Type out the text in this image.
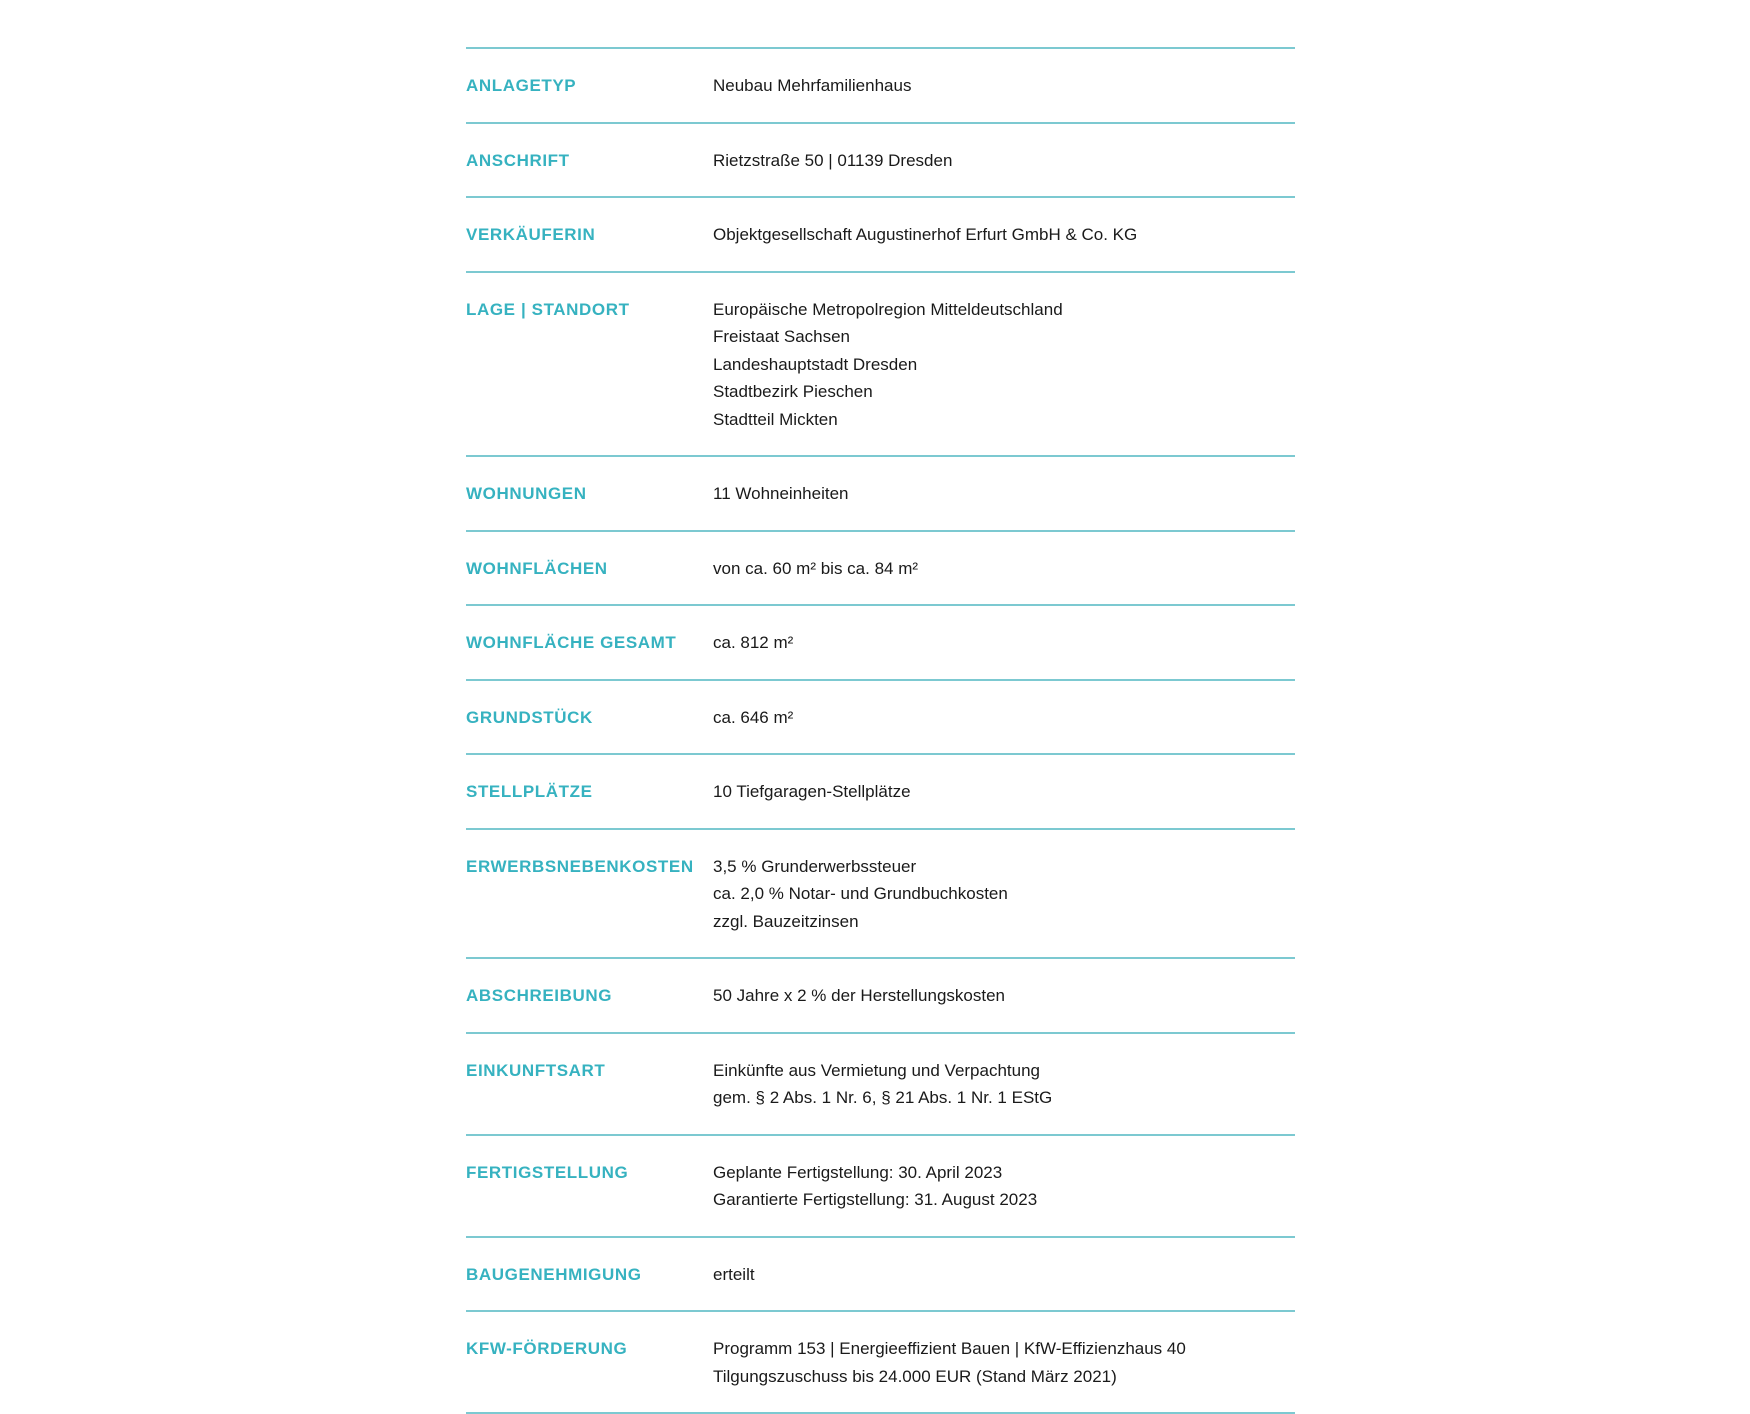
ANLAGETYP	Neubau Mehrfamilienhaus
ANSCHRIFT	Rietzstraße 50 | 01139 Dresden
VERKÄUFERIN	Objektgesellschaft Augustinerhof Erfurt GmbH & Co. KG
LAGE | STANDORT	Europäische Metropolregion Mitteldeutschland
Freistaat Sachsen
Landeshauptstadt Dresden
Stadtbezirk Pieschen
Stadtteil Mickten
WOHNUNGEN	11 Wohneinheiten
WOHNFLÄCHEN	von ca. 60 m² bis ca. 84 m²
WOHNFLÄCHE GESAMT	ca. 812 m²
GRUNDSTÜCK	ca. 646 m²
STELLPLÄTZE	10 Tiefgaragen-Stellplätze
ERWERBSNEBENKOSTEN	3,5 % Grunderwerbssteuer
ca. 2,0 % Notar- und Grundbuchkosten
zzgl. Bauzeitzinsen
ABSCHREIBUNG	50 Jahre x 2 % der Herstellungskosten
EINKUNFTSART	Einkünfte aus Vermietung und Verpachtung
gem. § 2 Abs. 1 Nr. 6, § 21 Abs. 1 Nr. 1 EStG
FERTIGSTELLUNG	Geplante Fertigstellung: 30. April 2023
Garantierte Fertigstellung: 31. August 2023
BAUGENEHMIGUNG	erteilt
KFW-FÖRDERUNG	Programm 153 | Energieeffizient Bauen | KfW-Effizienzhaus 40
Tilgungszuschuss bis 24.000 EUR (Stand März 2021)
